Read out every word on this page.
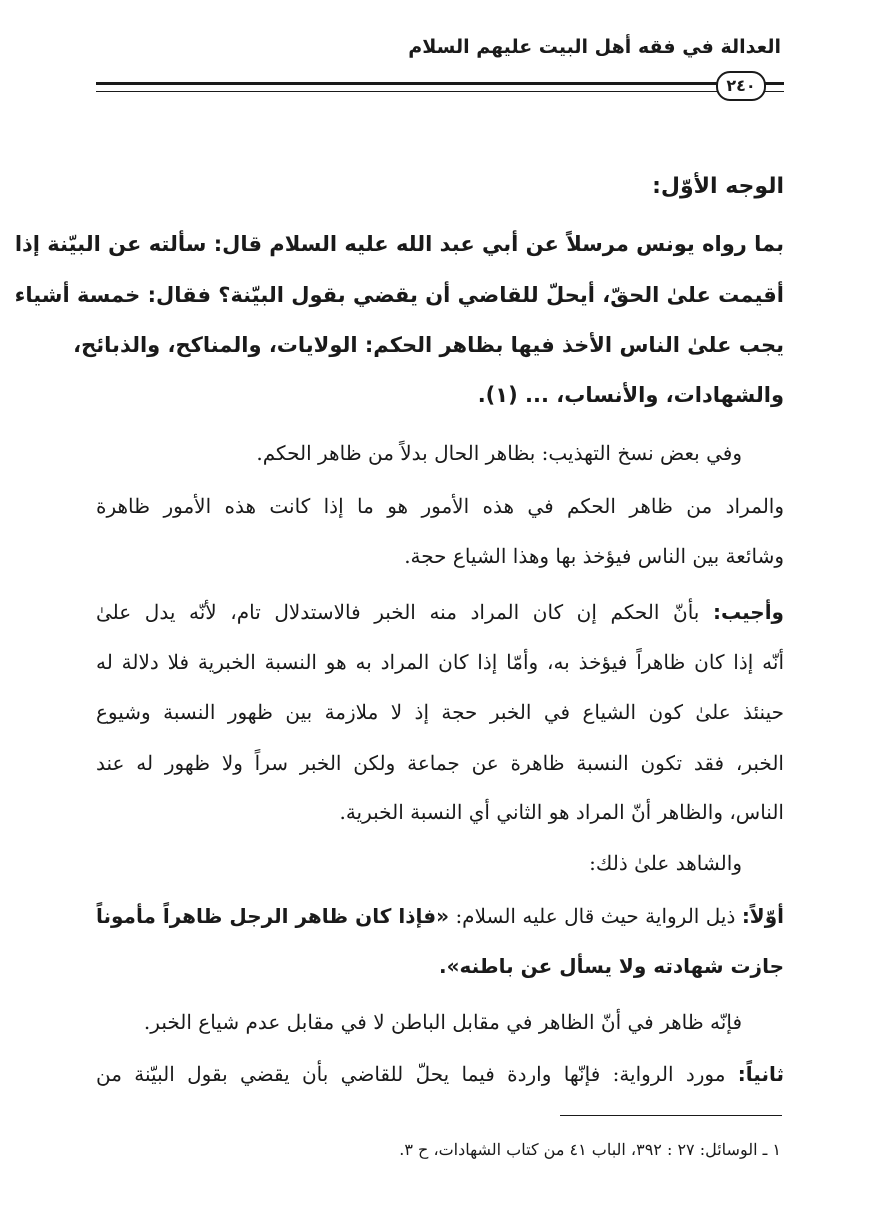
العدالة في فقه أهل البيت عليهم السلام
٢٤٠
الوجه الأوّل:
بما رواه يونس مرسلاً عن أبي عبد الله عليه السلام قال: سألته عن البيّنة إذا
أقيمت علىٰ الحقّ، أيحلّ للقاضي أن يقضي بقول البيّنة؟ فقال: خمسة أشياء
يجب علىٰ الناس الأخذ فيها بظاهر الحكم: الولايات، والمناكح، والذبائح،
والشهادات، والأنساب، ... (١).
وفي بعض نسخ التهذيب: بظاهر الحال بدلاً من ظاهر الحكم.
والمراد من ظاهر الحكم في هذه الأمور هو ما إذا كانت هذه الأمور ظاهرة
وشائعة بين الناس فيؤخذ بها وهذا الشياع حجة.
وأجيب: بأنّ الحكم إن كان المراد منه الخبر فالاستدلال تام، لأنّه يدل علىٰ
أنّه إذا كان ظاهراً فيؤخذ به، وأمّا إذا كان المراد به هو النسبة الخبرية فلا دلالة له
حينئذ علىٰ كون الشياع في الخبر حجة إذ لا ملازمة بين ظهور النسبة وشيوع
الخبر، فقد تكون النسبة ظاهرة عن جماعة ولكن الخبر سراً ولا ظهور له عند
الناس، والظاهر أنّ المراد هو الثاني أي النسبة الخبرية.
والشاهد علىٰ ذلك:
أوّلاً: ذيل الرواية حيث قال عليه السلام: «فإذا كان ظاهر الرجل ظاهراً مأموناً
جازت شهادته ولا يسأل عن باطنه».
فإنّه ظاهر في أنّ الظاهر في مقابل الباطن لا في مقابل عدم شياع الخبر.
ثانياً: مورد الرواية: فإنّها واردة فيما يحلّ للقاضي بأن يقضي بقول البيّنة من
١ ـ الوسائل: ٢٧ : ٣٩٢، الباب ٤١ من كتاب الشهادات، ح ٣.
